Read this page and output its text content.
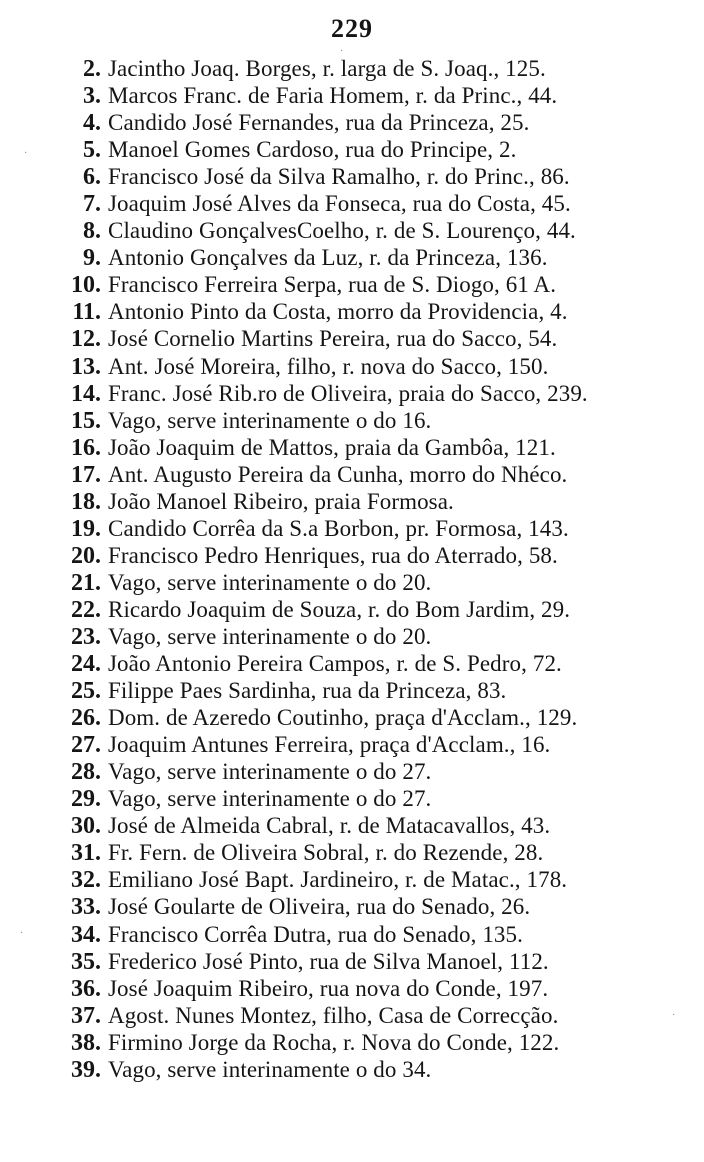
229
2. Jacintho Joaq. Borges, r. larga de S. Joaq., 125.
3. Marcos Franc. de Faria Homem, r. da Princ., 44.
4. Candido José Fernandes, rua da Princeza, 25.
5. Manoel Gomes Cardoso, rua do Principe, 2.
6. Francisco José da Silva Ramalho, r. do Princ., 86.
7. Joaquim José Alves da Fonseca, rua do Costa, 45.
8. Claudino GonçalvesCoelho, r. de S. Lourenço, 44.
9. Antonio Gonçalves da Luz, r. da Princeza, 136.
10. Francisco Ferreira Serpa, rua de S. Diogo, 61 A.
11. Antonio Pinto da Costa, morro da Providencia, 4.
12. José Cornelio Martins Pereira, rua do Sacco, 54.
13. Ant. José Moreira, filho, r. nova do Sacco, 150.
14. Franc. José Rib.ro de Oliveira, praia do Sacco, 239.
15. Vago, serve interinamente o do 16.
16. João Joaquim de Mattos, praia da Gambôa, 121.
17. Ant. Augusto Pereira da Cunha, morro do Nhéco.
18. João Manoel Ribeiro, praia Formosa.
19. Candido Corrêa da S.a Borbon, pr. Formosa, 143.
20. Francisco Pedro Henriques, rua do Aterrado, 58.
21. Vago, serve interinamente o do 20.
22. Ricardo Joaquim de Souza, r. do Bom Jardim, 29.
23. Vago, serve interinamente o do 20.
24. João Antonio Pereira Campos, r. de S. Pedro, 72.
25. Filippe Paes Sardinha, rua da Princeza, 83.
26. Dom. de Azeredo Coutinho, praça d'Acclam., 129.
27. Joaquim Antunes Ferreira, praça d'Acclam., 16.
28. Vago, serve interinamente o do 27.
29. Vago, serve interinamente o do 27.
30. José de Almeida Cabral, r. de Matacavallos, 43.
31. Fr. Fern. de Oliveira Sobral, r. do Rezende, 28.
32. Emiliano José Bapt. Jardineiro, r. de Matac., 178.
33. José Goularte de Oliveira, rua do Senado, 26.
34. Francisco Corrêa Dutra, rua do Senado, 135.
35. Frederico José Pinto, rua de Silva Manoel, 112.
36. José Joaquim Ribeiro, rua nova do Conde, 197.
37. Agost. Nunes Montez, filho, Casa de Correcção.
38. Firmino Jorge da Rocha, r. Nova do Conde, 122.
39. Vago, serve interinamente o do 34.
·
·
·
·
